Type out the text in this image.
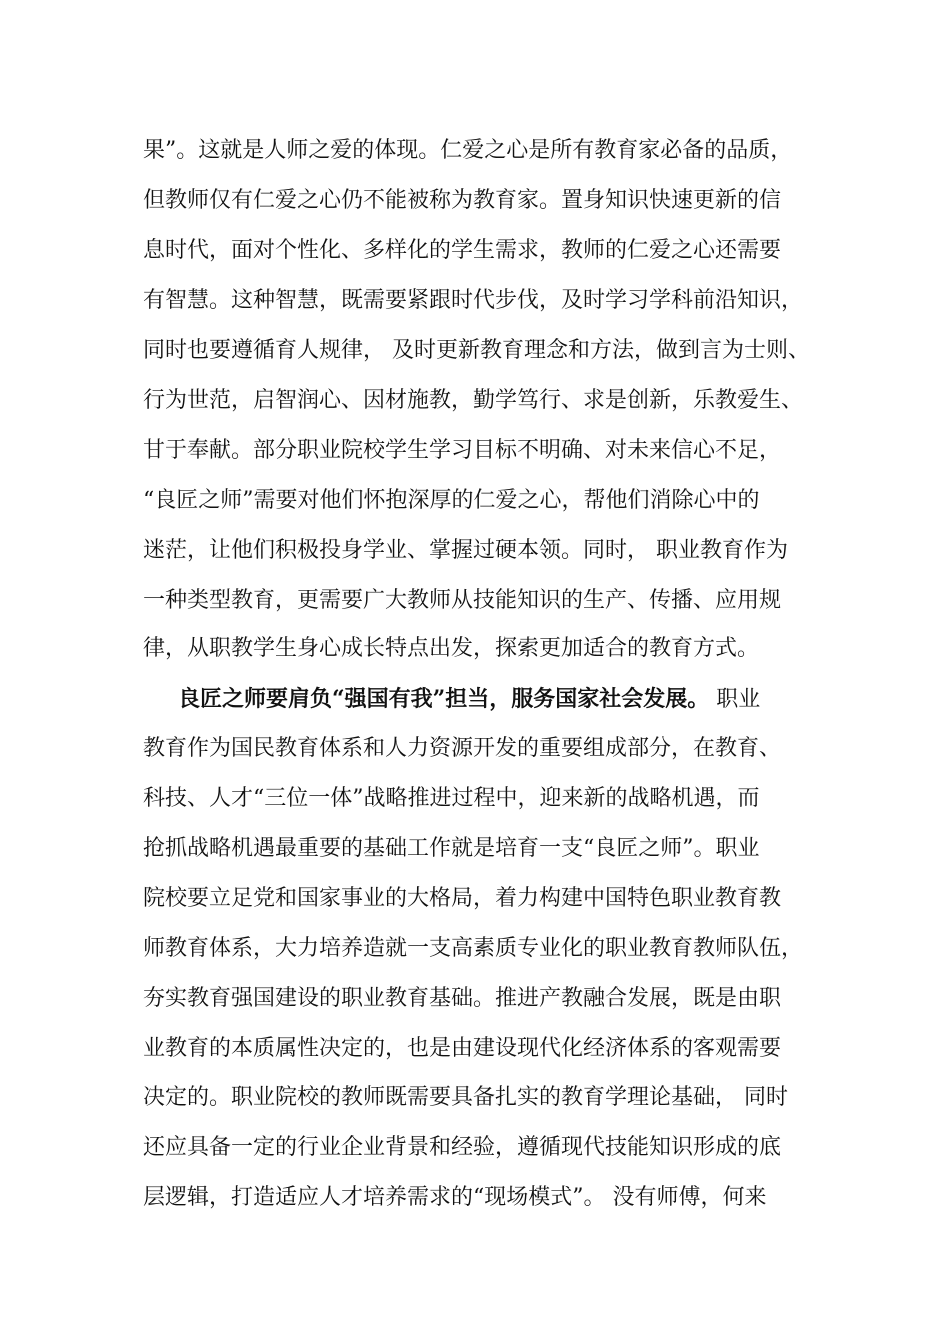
果”。这就是人师之爱的体现。仁爱之心是所有教育家必备的品质，
但教师仅有仁爱之心仍不能被称为教育家。置身知识快速更新的信
息时代，面对个性化、多样化的学生需求，教师的仁爱之心还需要
有智慧。这种智慧，既需要紧跟时代步伐，及时学习学科前沿知识，
同时也要遵循育人规律， 及时更新教育理念和方法，做到言为士则、
行为世范，启智润心、因材施教，勤学笃行、求是创新，乐教爱生、
甘于奉献。部分职业院校学生学习目标不明确、对未来信心不足，
“良匠之师”需要对他们怀抱深厚的仁爱之心，帮他们消除心中的
迷茫，让他们积极投身学业、掌握过硬本领。同时， 职业教育作为
一种类型教育，更需要广大教师从技能知识的生产、传播、应用规
律，从职教学生身心成长特点出发，探索更加适合的教育方式。
良匠之师要肩负“强国有我”担当，服务国家社会发展。 职业
教育作为国民教育体系和人力资源开发的重要组成部分，在教育、
科技、人才“三位一体”战略推进过程中，迎来新的战略机遇，而
抢抓战略机遇最重要的基础工作就是培育一支“良匠之师”。职业
院校要立足党和国家事业的大格局，着力构建中国特色职业教育教
师教育体系，大力培养造就一支高素质专业化的职业教育教师队伍，
夯实教育强国建设的职业教育基础。推进产教融合发展，既是由职
业教育的本质属性决定的，也是由建设现代化经济体系的客观需要
决定的。职业院校的教师既需要具备扎实的教育学理论基础， 同时
还应具备一定的行业企业背景和经验，遵循现代技能知识形成的底
层逻辑，打造适应人才培养需求的“现场模式”。 没有师傅，何来
